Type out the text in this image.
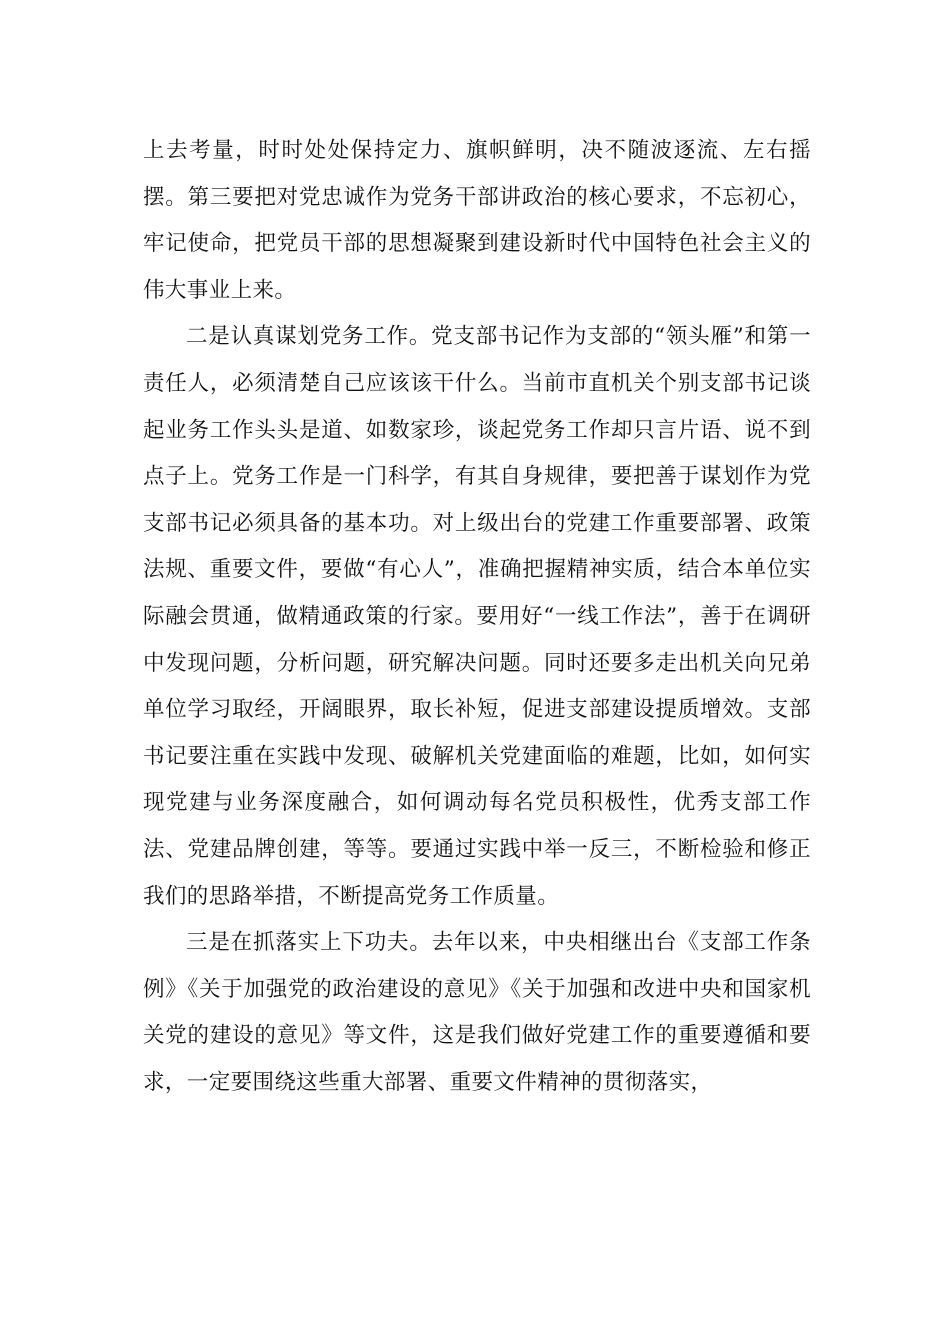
上去考量，时时处处保持定力、旗帜鲜明，决不随波逐流、左右摇摆。第三要把对党忠诚作为党务干部讲政治的核心要求，不忘初心，牢记使命，把党员干部的思想凝聚到建设新时代中国特色社会主义的伟大事业上来。

二是认真谋划党务工作。党支部书记作为支部的“领头雁”和第一责任人，必须清楚自己应该该干什么。当前市直机关个别支部书记谈起业务工作头头是道、如数家珍，谈起党务工作却只言片语、说不到点子上。党务工作是一门科学，有其自身规律，要把善于谋划作为党支部书记必须具备的基本功。对上级出台的党建工作重要部署、政策法规、重要文件，要做“有心人”，准确把握精神实质，结合本单位实际融会贯通，做精通政策的行家。要用好“一线工作法”，善于在调研中发现问题，分析问题，研究解决问题。同时还要多走出机关向兄弟单位学习取经，开阔眼界，取长补短，促进支部建设提质增效。支部书记要注重在实践中发现、破解机关党建面临的难题，比如，如何实现党建与业务深度融合，如何调动每名党员积极性，优秀支部工作法、党建品牌创建，等等。要通过实践中举一反三，不断检验和修正我们的思路举措，不断提高党务工作质量。

三是在抓落实上下功夫。去年以来，中央相继出台《支部工作条例》《关于加强党的政治建设的意见》《关于加强和改进中央和国家机关党的建设的意见》等文件，这是我们做好党建工作的重要遵循和要求，一定要围绕这些重大部署、重要文件精神的贯彻落实，
